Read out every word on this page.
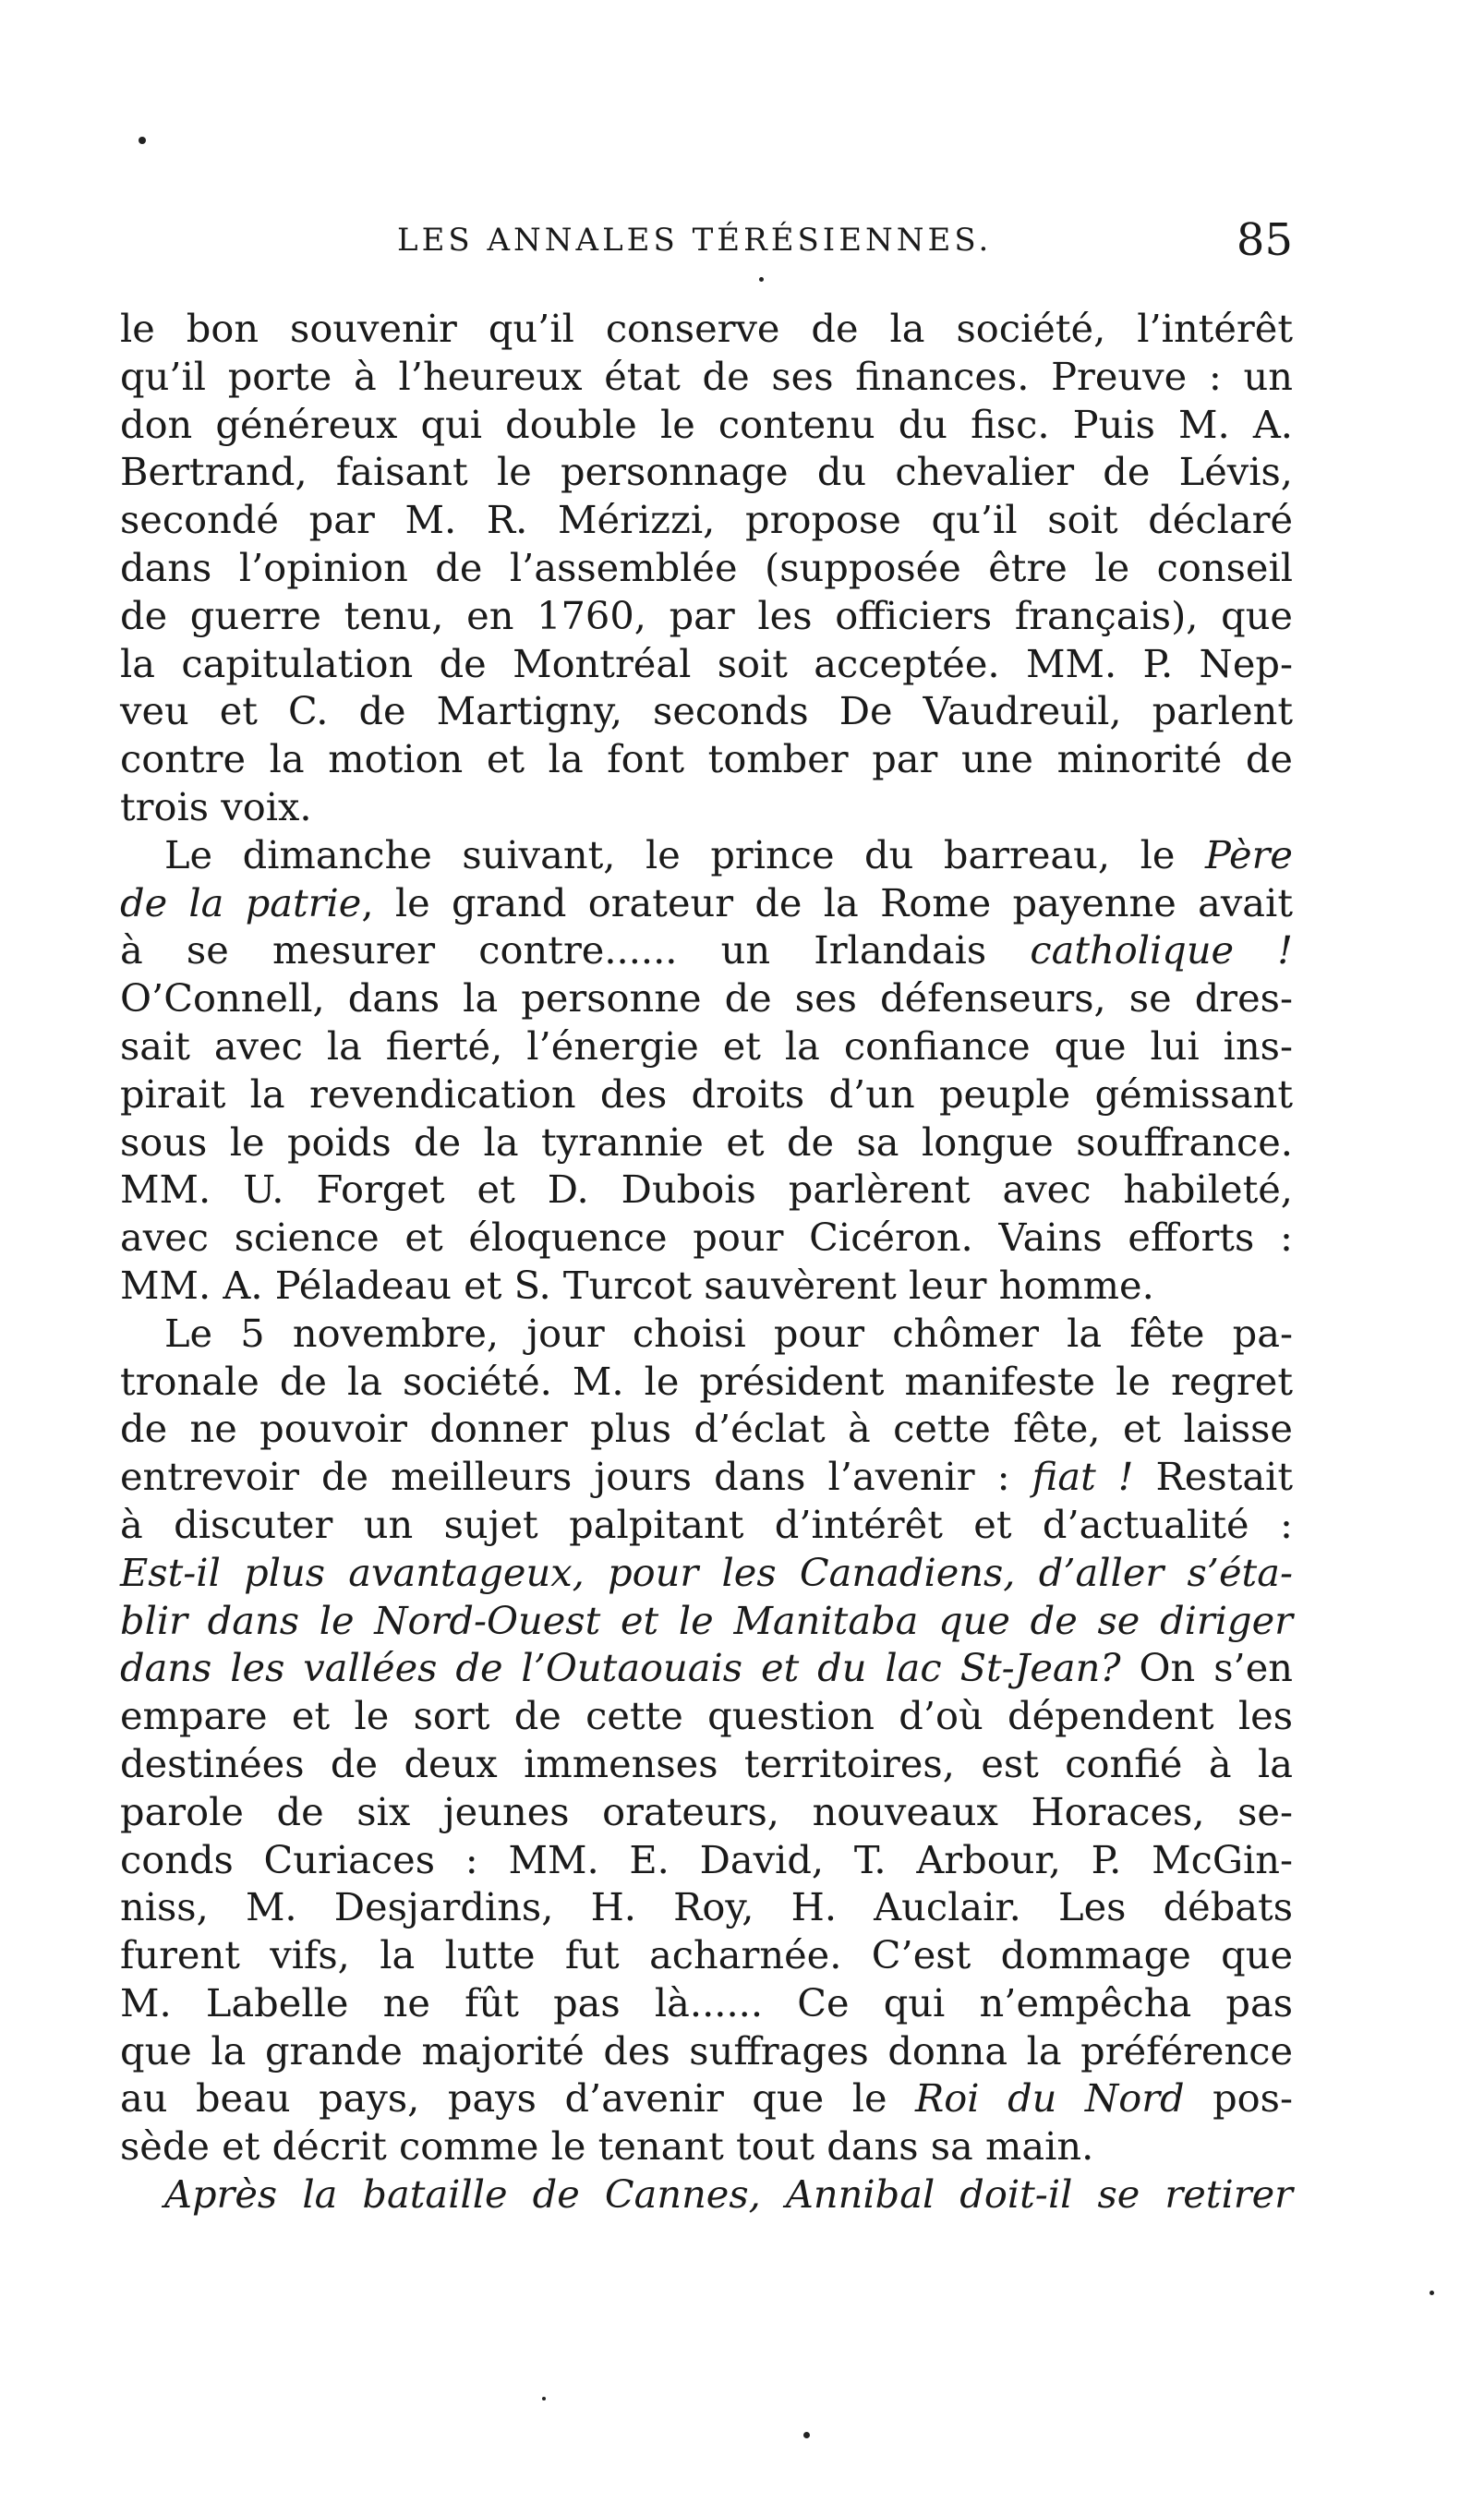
LES ANNALES TÉRÉSIENNES.	85
le bon souvenir qu’il conserve de la société, l’intérêt
qu’il porte à l’heureux état de ses finances. Preuve : un
don généreux qui double le contenu du fisc. Puis M. A.
Bertrand, faisant le personnage du chevalier de Lévis,
secondé par M. R. Mérizzi, propose qu’il soit déclaré
dans l’opinion de l’assemblée (supposée être le conseil
de guerre tenu, en 1760, par les officiers français), que
la capitulation de Montréal soit acceptée. MM. P. Nep-
veu et C. de Martigny, seconds De Vaudreuil, parlent
contre la motion et la font tomber par une minorité de
trois voix.
Le dimanche suivant, le prince du barreau, le Père
de la patrie, le grand orateur de la Rome payenne avait
à se mesurer contre...... un Irlandais catholique !
O’Connell, dans la personne de ses défenseurs, se dres-
sait avec la fierté, l’énergie et la confiance que lui ins-
pirait la revendication des droits d’un peuple gémissant
sous le poids de la tyrannie et de sa longue souffrance.
MM. U. Forget et D. Dubois parlèrent avec habileté,
avec science et éloquence pour Cicéron. Vains efforts :
MM. A. Péladeau et S. Turcot sauvèrent leur homme.
Le 5 novembre, jour choisi pour chômer la fête pa-
tronale de la société. M. le président manifeste le regret
de ne pouvoir donner plus d’éclat à cette fête, et laisse
entrevoir de meilleurs jours dans l’avenir : fiat ! Restait
à discuter un sujet palpitant d’intérêt et d’actualité :
Est-il plus avantageux, pour les Canadiens, d’aller s’éta-
blir dans le Nord-Ouest et le Manitaba que de se diriger
dans les vallées de l’Outaouais et du lac St-Jean? On s’en
empare et le sort de cette question d’où dépendent les
destinées de deux immenses territoires, est confié à la
parole de six jeunes orateurs, nouveaux Horaces, se-
conds Curiaces : MM. E. David, T. Arbour, P. McGin-
niss, M. Desjardins, H. Roy, H. Auclair. Les débats
furent vifs, la lutte fut acharnée. C’est dommage que
M. Labelle ne fût pas là...... Ce qui n’empêcha pas
que la grande majorité des suffrages donna la préférence
au beau pays, pays d’avenir que le Roi du Nord pos-
sède et décrit comme le tenant tout dans sa main.
Après la bataille de Cannes, Annibal doit-il se retirer
